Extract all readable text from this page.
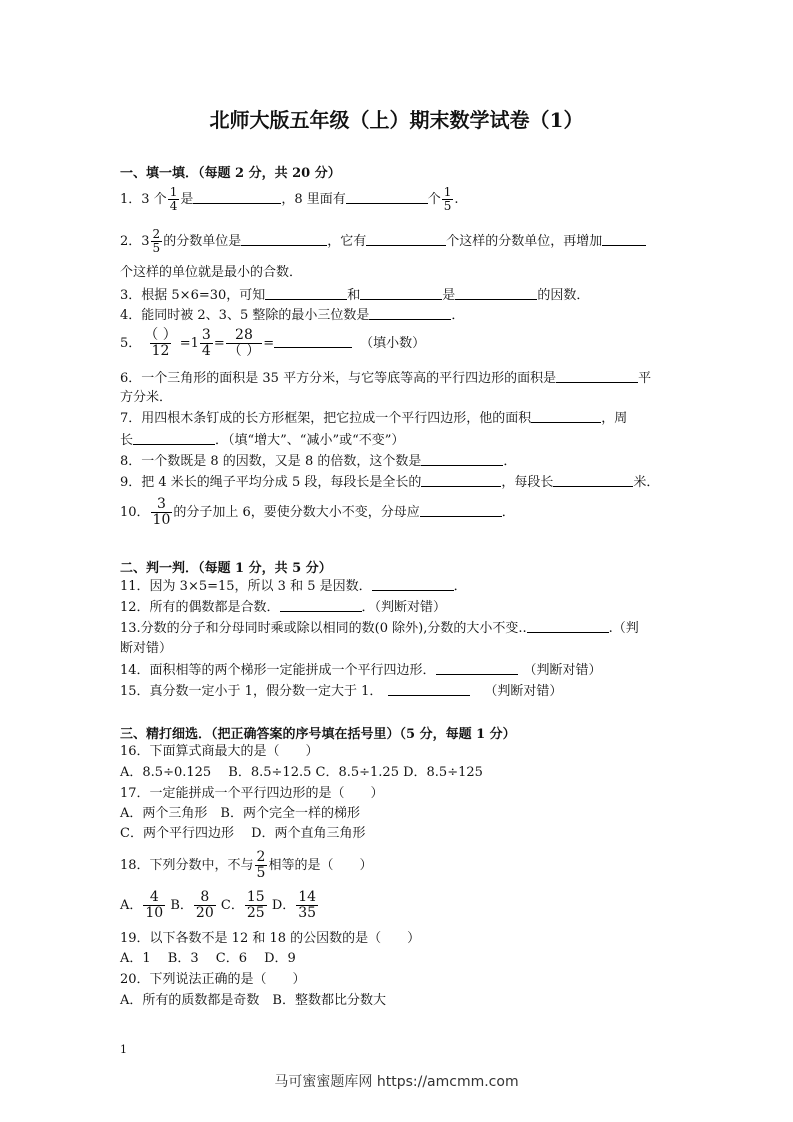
北师大版五年级（上）期末数学试卷（1）
一、填一填．（每题 2 分，共 20 分）
1．3 个 $\frac{1}{4}$ 是	，8 里面有	个 $\frac{1}{5}$ .
2．$3 \frac{2}{5}$ 的分数单位是	，它有	个这样的分数单位，再增加
个这样的单位就是最小的合数．
3．根据 5×6=30，可知	和	是	的因数．
4．能同时被 2、3、5 整除的最小三位数是	．
5． $\frac{( )}{12} =1 \frac{3}{4} = \frac{28}{( )}$ =	（填小数）
6．一个三角形的面积是 35 平方分米，与它等底等高的平行四边形的面积是	平
方分米．
7．用四根木条钉成的长方形框架，把它拉成一个平行四边形，他的面积	，周
长	．（填“增大”、“减小”或“不变”）
8．一个数既是 8 的因数，又是 8 的倍数，这个数是	．
9．把 4 米长的绳子平均分成 5 段，每段长是全长的	，每段长	米．
10． $\frac{3}{10}$ 的分子加上 6，要使分数大小不变，分母应	．
二、判一判．（每题 1 分，共 5 分）
11．因为 3×5=15，所以 3 和 5 是因数．	．
12．所有的偶数都是合数．	．（判断对错）
13.分数的分子和分母同时乘或除以相同的数(0 除外),分数的大小不变..	.（判
断对错）
14．面积相等的两个梯形一定能拼成一个平行四边形．	（判断对错）
15．真分数一定小于 1，假分数一定大于 1．	（判断对错）
三、精打细选．（把正确答案的序号填在括号里）（5 分，每题 1 分）
16．下面算式商最大的是（　　）
A．8.5÷0.125　 B．8.5÷12.5 C．8.5÷1.25 D．8.5÷125
17．一定能拼成一个平行四边形的是（　　）
A．两个三角形　B．两个完全一样的梯形
C．两个平行四边形　 D．两个直角三角形
18．下列分数中，不与 $\frac{2}{5}$ 相等的是（　　）
A． $\frac{4}{10}$ B． $\frac{8}{20}$ C． $\frac{15}{25}$ D． $\frac{14}{35}$
19．以下各数不是 12 和 18 的公因数的是（　　）
A．1　 B．3　 C．6　 D．9
20．下列说法正确的是（　　）
A．所有的质数都是奇数　B．整数都比分数大
1
马可蜜蜜题库网 https://amcmm.com
